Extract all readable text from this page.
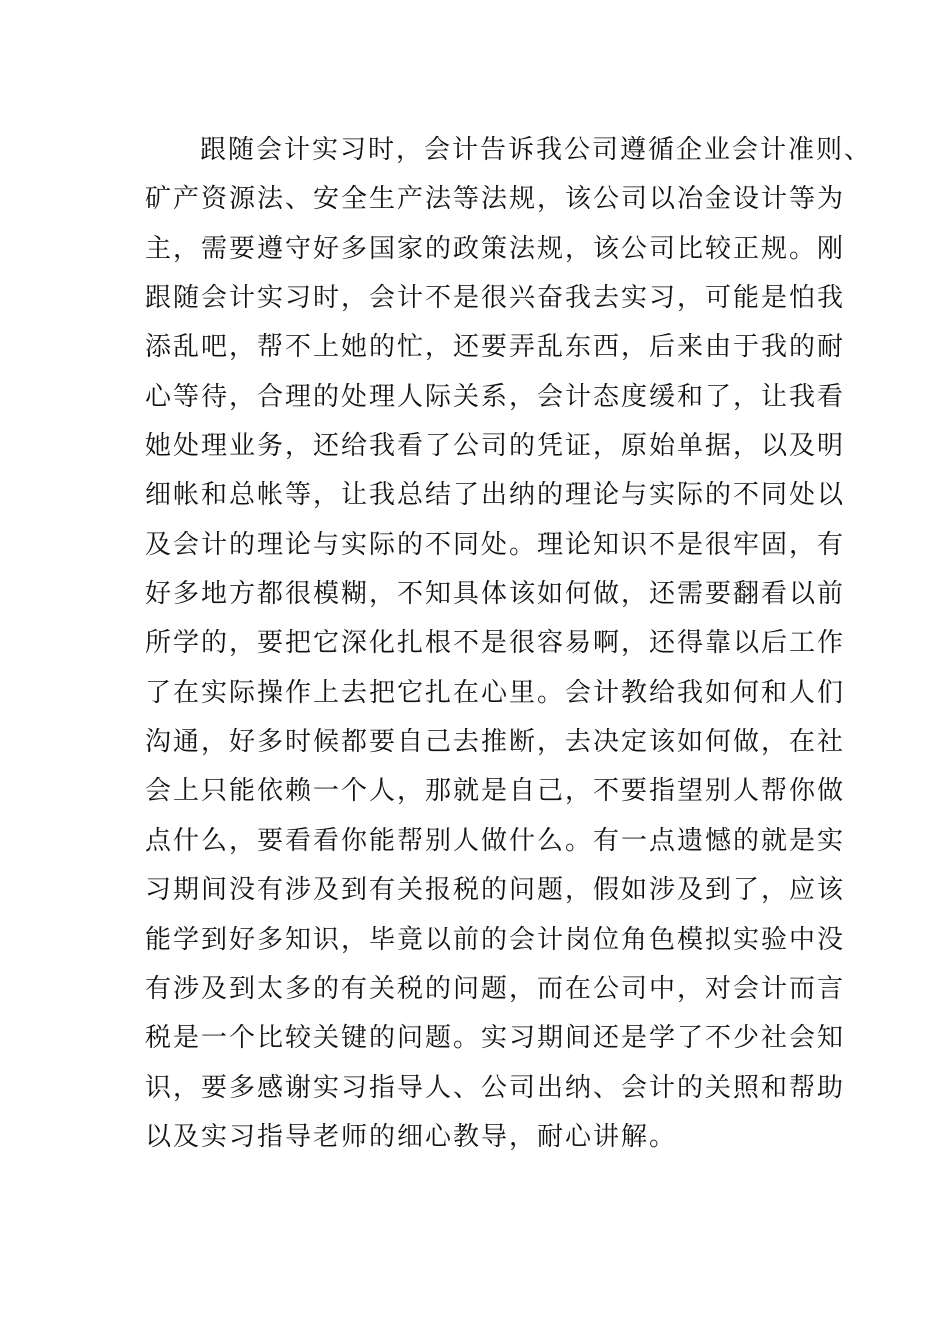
跟随会计实习时，会计告诉我公司遵循企业会计准则、
矿产资源法、安全生产法等法规，该公司以冶金设计等为
主，需要遵守好多国家的政策法规，该公司比较正规。刚
跟随会计实习时，会计不是很兴奋我去实习，可能是怕我
添乱吧，帮不上她的忙，还要弄乱东西，后来由于我的耐
心等待，合理的处理人际关系，会计态度缓和了，让我看
她处理业务，还给我看了公司的凭证，原始单据，以及明
细帐和总帐等，让我总结了出纳的理论与实际的不同处以
及会计的理论与实际的不同处。理论知识不是很牢固，有
好多地方都很模糊，不知具体该如何做，还需要翻看以前
所学的，要把它深化扎根不是很容易啊，还得靠以后工作
了在实际操作上去把它扎在心里。会计教给我如何和人们
沟通，好多时候都要自己去推断，去决定该如何做，在社
会上只能依赖一个人，那就是自己，不要指望别人帮你做
点什么，要看看你能帮别人做什么。有一点遗憾的就是实
习期间没有涉及到有关报税的问题，假如涉及到了，应该
能学到好多知识，毕竟以前的会计岗位角色模拟实验中没
有涉及到太多的有关税的问题，而在公司中，对会计而言
税是一个比较关键的问题。实习期间还是学了不少社会知
识，要多感谢实习指导人、公司出纳、会计的关照和帮助
以及实习指导老师的细心教导，耐心讲解。
